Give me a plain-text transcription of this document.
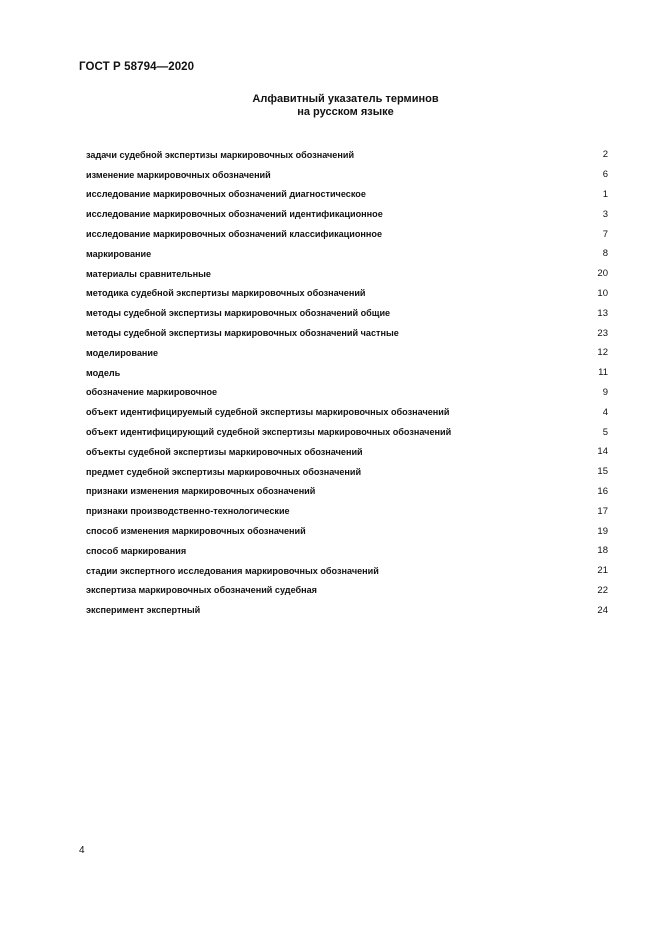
ГОСТ Р 58794—2020
Алфавитный указатель терминов
на русском языке
задачи судебной экспертизы маркировочных обозначений	2
изменение маркировочных обозначений	6
исследование маркировочных обозначений диагностическое	1
исследование маркировочных обозначений идентификационное	3
исследование маркировочных обозначений классификационное	7
маркирование	8
материалы сравнительные	20
методика судебной экспертизы маркировочных обозначений	10
методы судебной экспертизы маркировочных обозначений общие	13
методы судебной экспертизы маркировочных обозначений частные	23
моделирование	12
модель	11
обозначение маркировочное	9
объект идентифицируемый судебной экспертизы маркировочных обозначений	4
объект идентифицирующий судебной экспертизы маркировочных обозначений	5
объекты судебной экспертизы маркировочных обозначений	14
предмет судебной экспертизы маркировочных обозначений	15
признаки изменения маркировочных обозначений	16
признаки производственно-технологические	17
способ изменения маркировочных обозначений	19
способ маркирования	18
стадии экспертного исследования маркировочных обозначений	21
экспертиза маркировочных обозначений судебная	22
эксперимент экспертный	24
4
